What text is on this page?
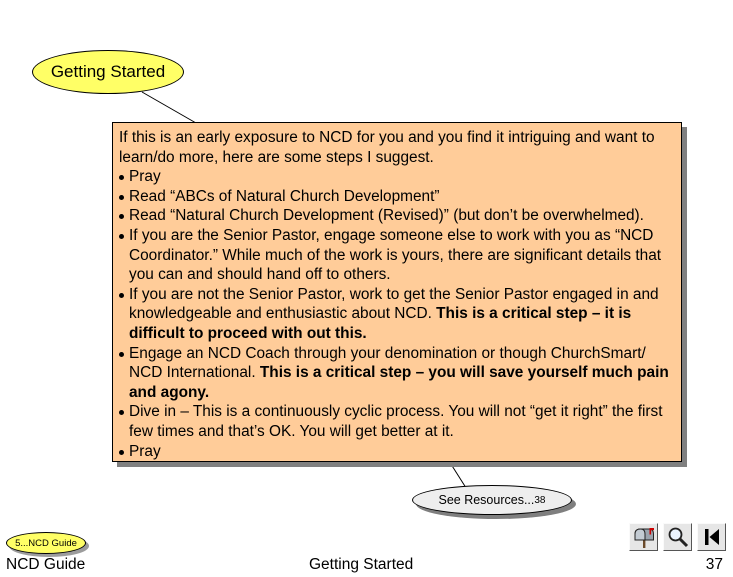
Getting Started

If this is an early exposure to NCD for you and you find it intriguing and want to learn/do more, here are some steps I suggest.

Pray
Read “ABCs of Natural Church Development”
Read “Natural Church Development (Revised)” (but don’t be overwhelmed).
If you are the Senior Pastor, engage someone else to work with you as “NCD Coordinator.” While much of the work is yours, there are significant details that you can and should hand off to others.
If you are not the Senior Pastor, work to get the Senior Pastor engaged in and knowledgeable and enthusiastic about NCD. This is a critical step – it is difficult to proceed with out this.
Engage an NCD Coach through your denomination or though ChurchSmart/ NCD International. This is a critical step – you will save yourself much pain and agony.
Dive in – This is a continuously cyclic process. You will not “get it right” the first few times and that’s OK. You will get better at it.
Pray
See Resources... 38
5...NCD Guide
NCD Guide	Getting Started	37
